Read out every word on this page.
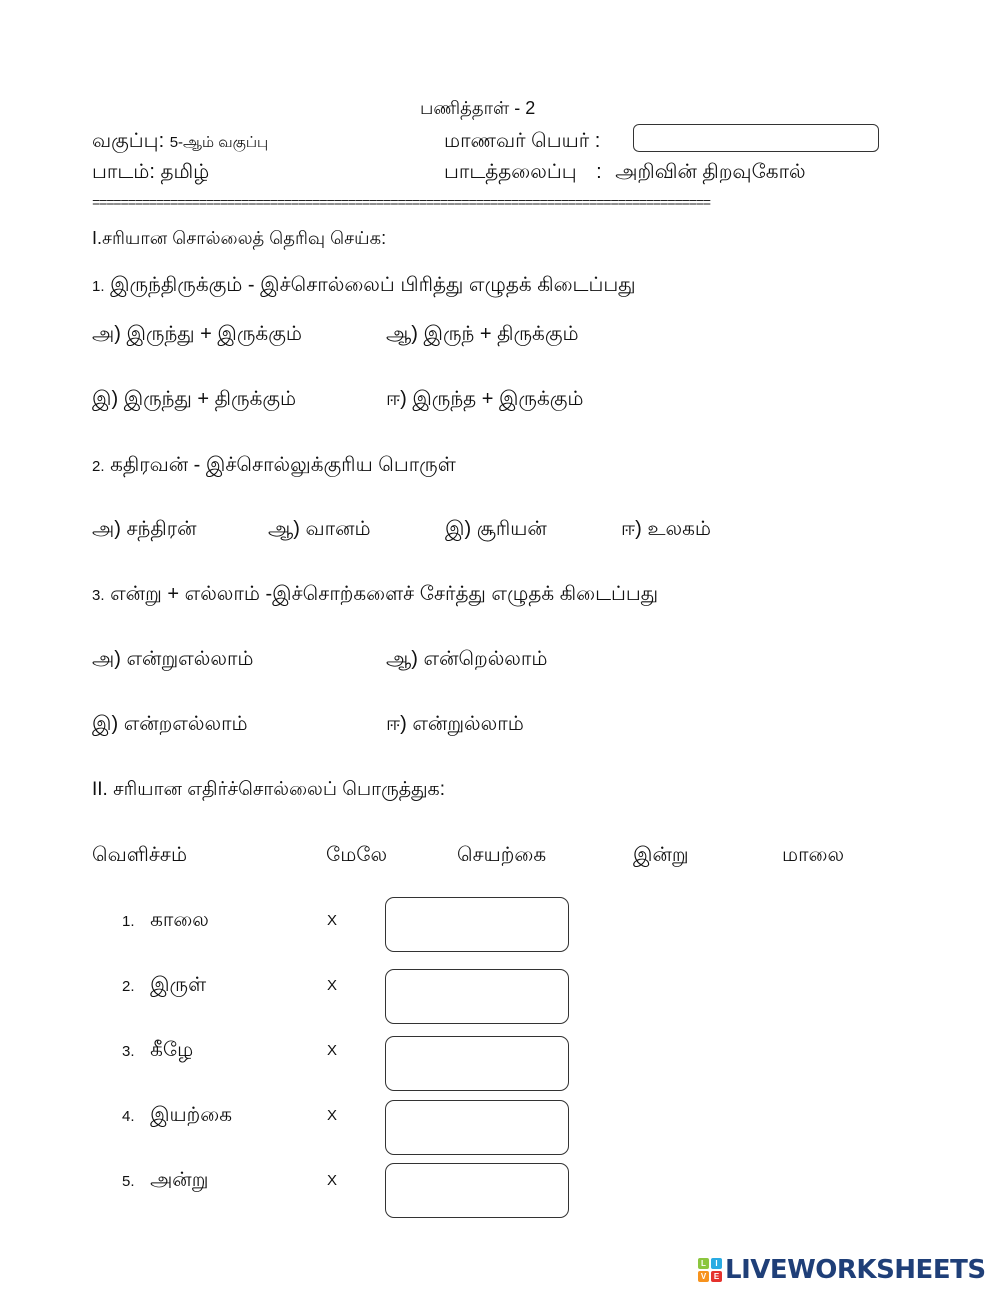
பணித்தாள் - 2
வகுப்பு: 5-ஆம் வகுப்பு	மாணவர் பெயர் :
பாடம்: தமிழ்	பாடத்தலைப்பு : அறிவின் திறவுகோல்
=======================================================================================
I.சரியான சொல்லைத் தெரிவு செய்க:
1. இருந்திருக்கும் - இச்சொல்லைப் பிரித்து எழுதக் கிடைப்பது
அ) இருந்து + இருக்கும்	ஆ) இருந் + திருக்கும்
இ) இருந்து + திருக்கும்	ஈ) இருந்த + இருக்கும்
2. கதிரவன் - இச்சொல்லுக்குரிய பொருள்
அ) சந்திரன்	ஆ) வானம்	இ) சூரியன்	ஈ) உலகம்
3. என்று + எல்லாம் -இச்சொற்களைச் சேர்த்து எழுதக் கிடைப்பது
அ) என்றுஎல்லாம்	ஆ) என்றெல்லாம்
இ) என்றஎல்லாம்	ஈ) என்றுல்லாம்
II. சரியான எதிர்ச்சொல்லைப் பொருத்துக:
வெளிச்சம்	மேலே	செயற்கை	இன்று	மாலை
1. காலை	X
2. இருள்	X
3. கீழே	X
4. இயற்கை	X
5. அன்று	X
L	I
V E LIVEWORKSHEETS
